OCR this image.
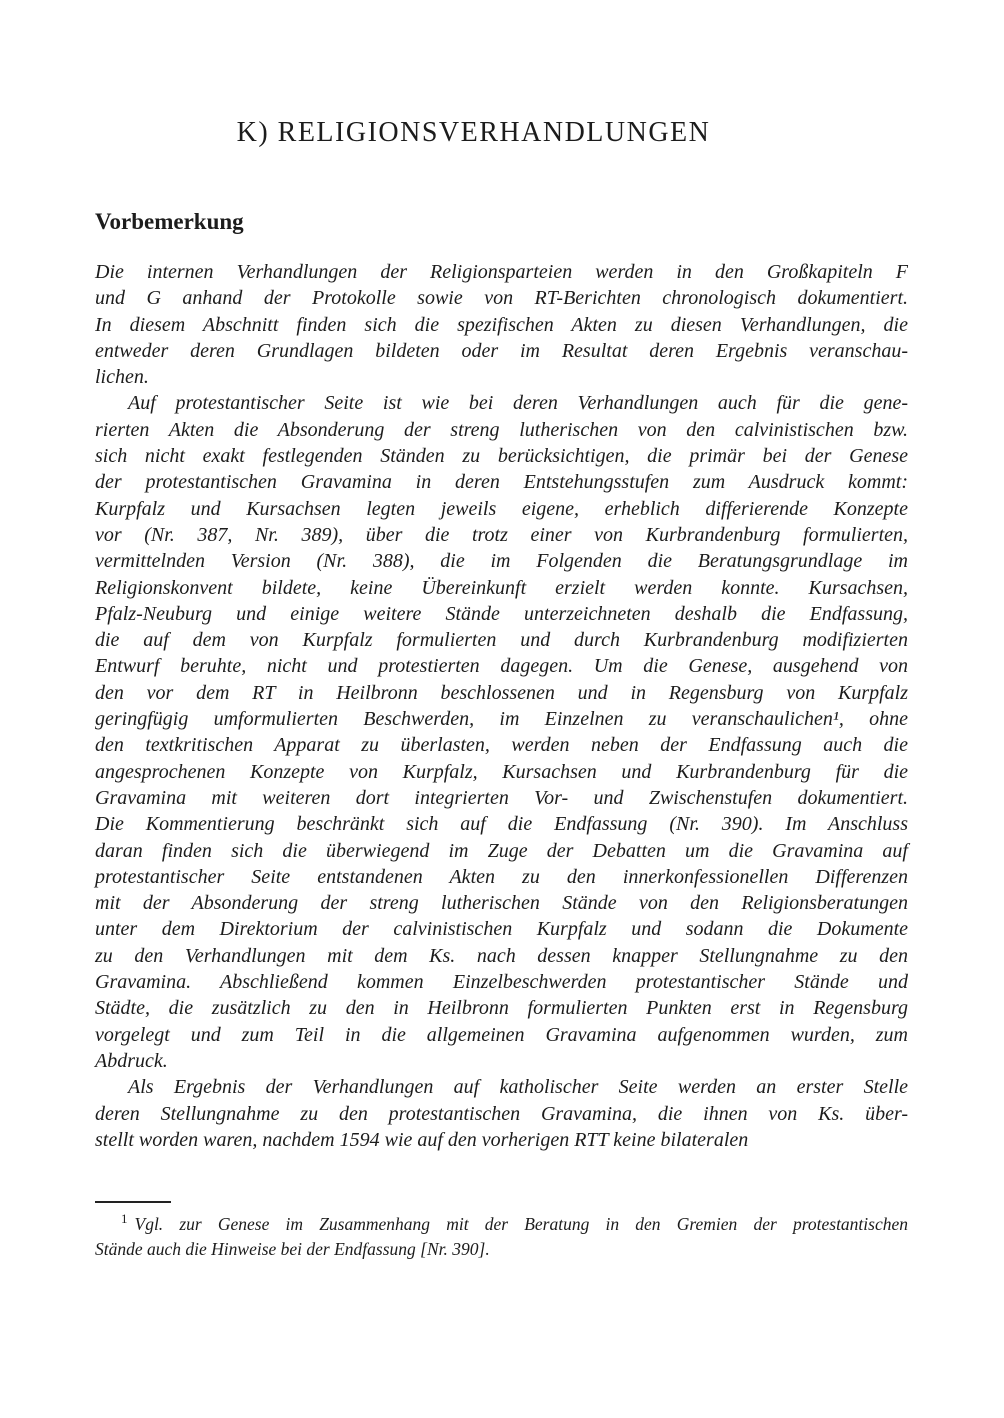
K) RELIGIONSVERHANDLUNGEN
Vorbemerkung
Die internen Verhandlungen der Religionsparteien werden in den Großkapiteln F
und G anhand der Protokolle sowie von RT-Berichten chronologisch dokumentiert.
In diesem Abschnitt finden sich die spezifischen Akten zu diesen Verhandlungen, die
entweder deren Grundlagen bildeten oder im Resultat deren Ergebnis veranschau-
lichen.
Auf protestantischer Seite ist wie bei deren Verhandlungen auch für die gene-
rierten Akten die Absonderung der streng lutherischen von den calvinistischen bzw.
sich nicht exakt festlegenden Ständen zu berücksichtigen, die primär bei der Genese
der protestantischen Gravamina in deren Entstehungsstufen zum Ausdruck kommt:
Kurpfalz und Kursachsen legten jeweils eigene, erheblich differierende Konzepte
vor (Nr. 387, Nr. 389), über die trotz einer von Kurbrandenburg formulierten,
vermittelnden Version (Nr. 388), die im Folgenden die Beratungsgrundlage im
Religionskonvent bildete, keine Übereinkunft erzielt werden konnte. Kursachsen,
Pfalz-Neuburg und einige weitere Stände unterzeichneten deshalb die Endfassung,
die auf dem von Kurpfalz formulierten und durch Kurbrandenburg modifizierten
Entwurf beruhte, nicht und protestierten dagegen. Um die Genese, ausgehend von
den vor dem RT in Heilbronn beschlossenen und in Regensburg von Kurpfalz
geringfügig umformulierten Beschwerden, im Einzelnen zu veranschaulichen¹, ohne
den textkritischen Apparat zu überlasten, werden neben der Endfassung auch die
angesprochenen Konzepte von Kurpfalz, Kursachsen und Kurbrandenburg für die
Gravamina mit weiteren dort integrierten Vor- und Zwischenstufen dokumentiert.
Die Kommentierung beschränkt sich auf die Endfassung (Nr. 390). Im Anschluss
daran finden sich die überwiegend im Zuge der Debatten um die Gravamina auf
protestantischer Seite entstandenen Akten zu den innerkonfessionellen Differenzen
mit der Absonderung der streng lutherischen Stände von den Religionsberatungen
unter dem Direktorium der calvinistischen Kurpfalz und sodann die Dokumente
zu den Verhandlungen mit dem Ks. nach dessen knapper Stellungnahme zu den
Gravamina. Abschließend kommen Einzelbeschwerden protestantischer Stände und
Städte, die zusätzlich zu den in Heilbronn formulierten Punkten erst in Regensburg
vorgelegt und zum Teil in die allgemeinen Gravamina aufgenommen wurden, zum
Abdruck.
Als Ergebnis der Verhandlungen auf katholischer Seite werden an erster Stelle
deren Stellungnahme zu den protestantischen Gravamina, die ihnen von Ks. über-
stellt worden waren, nachdem 1594 wie auf den vorherigen RTT keine bilateralen
$^1$ Vgl. zur Genese im Zusammenhang mit der Beratung in den Gremien der protestantischen
Stände auch die Hinweise bei der Endfassung [Nr. 390].
